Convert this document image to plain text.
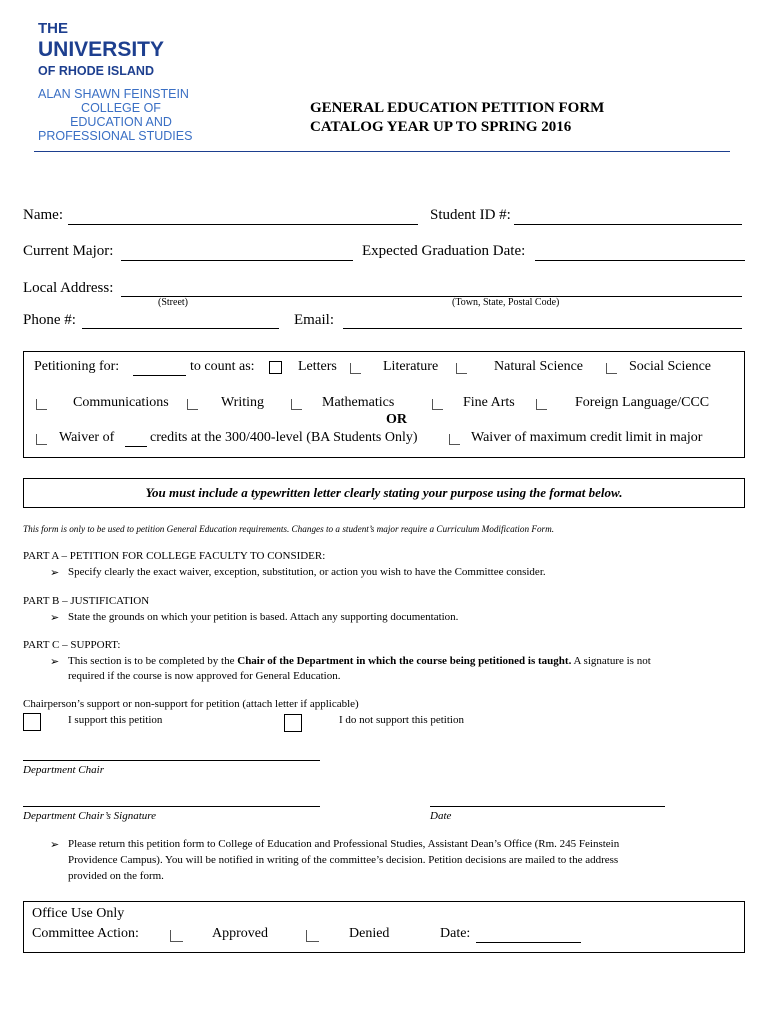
THE
UNIVERSITY
OF RHODE ISLAND
ALAN SHAWN FEINSTEIN
COLLEGE OF
EDUCATION AND
PROFESSIONAL STUDIES
GENERAL EDUCATION PETITION FORM
CATALOG YEAR UP TO SPRING 2016
Name:	Student ID #:
Current Major:	Expected Graduation Date:
Local Address:
(Street)	(Town, State, Postal Code)
Phone #:	Email:
Petitioning for:	to count as:	Letters	Literature	Natural Science	Social Science
Communications	Writing	Mathematics	Fine Arts	Foreign Language/CCC
OR
Waiver of	credits at the 300/400-level (BA Students Only)	Waiver of maximum credit limit in major
You must include a typewritten letter clearly stating your purpose using the format below.
This form is only to be used to petition General Education requirements. Changes to a student’s major require a Curriculum Modification Form.
PART A – PETITION FOR COLLEGE FACULTY TO CONSIDER:
➢ Specify clearly the exact waiver, exception, substitution, or action you wish to have the Committee consider.
PART B – JUSTIFICATION
➢ State the grounds on which your petition is based. Attach any supporting documentation.
PART C – SUPPORT:
➢ This section is to be completed by the Chair of the Department in which the course being petitioned is taught. A signature is not
required if the course is now approved for General Education.
Chairperson’s support or non-support for petition (attach letter if applicable)
I support this petition	I do not support this petition
Department Chair
Department Chair’s Signature	Date
➢ Please return this petition form to College of Education and Professional Studies, Assistant Dean’s Office (Rm. 245 Feinstein
Providence Campus). You will be notified in writing of the committee’s decision. Petition decisions are mailed to the address
provided on the form.
Office Use Only
Committee Action:	Approved	Denied	Date:
